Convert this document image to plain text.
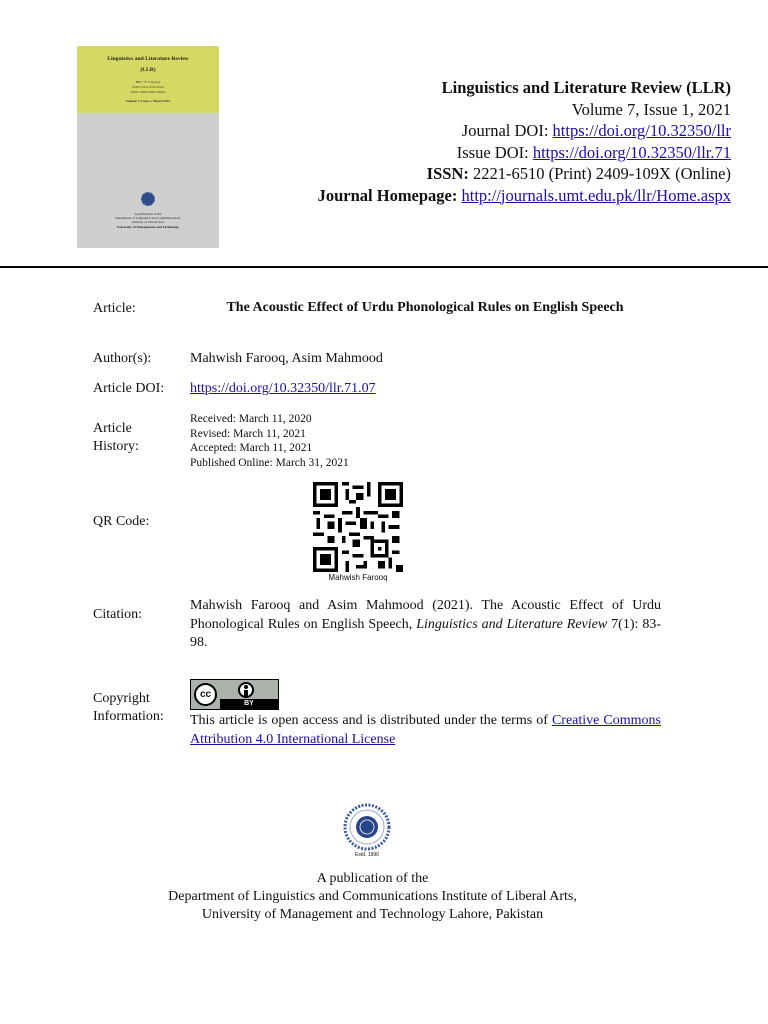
Linguistics and Literature Review
(LLR)
HEC 'Y' Category
ISSN: 2221-6510 Print
ISSN: 2409-109X Online
Volume 7, Issue 1, March 2021
A publication of the
Department of Linguistics and Communications
Institute of Liberal Arts
University of Management and Technology
Linguistics and Literature Review (LLR)
Volume 7, Issue 1, 2021
Journal DOI: https://doi.org/10.32350/llr
Issue DOI: https://doi.org/10.32350/llr.71
ISSN: 2221-6510 (Print) 2409-109X (Online)
Journal Homepage: http://journals.umt.edu.pk/llr/Home.aspx
Article:	The Acoustic Effect of Urdu Phonological Rules on English Speech
Author(s):	Mahwish Farooq, Asim Mahmood
Article DOI: https://doi.org/10.32350/llr.71.07
Article
History:
Received: March 11, 2020
Revised: March 11, 2021
Accepted: March 11, 2021
Published Online: March 31, 2021
QR Code:
Mahwish Farooq
Citation:
Mahwish Farooq and Asim Mahmood (2021). The Acoustic Effect of Urdu Phonological Rules on English Speech, Linguistics and Literature Review 7(1): 83- 98.
Copyright
Information:
cc
BY
This article is open access and is distributed under the terms of Creative Commons Attribution 4.0 International License
Estd. 1990
A publication of the
Department of Linguistics and Communications Institute of Liberal Arts,
University of Management and Technology Lahore, Pakistan
